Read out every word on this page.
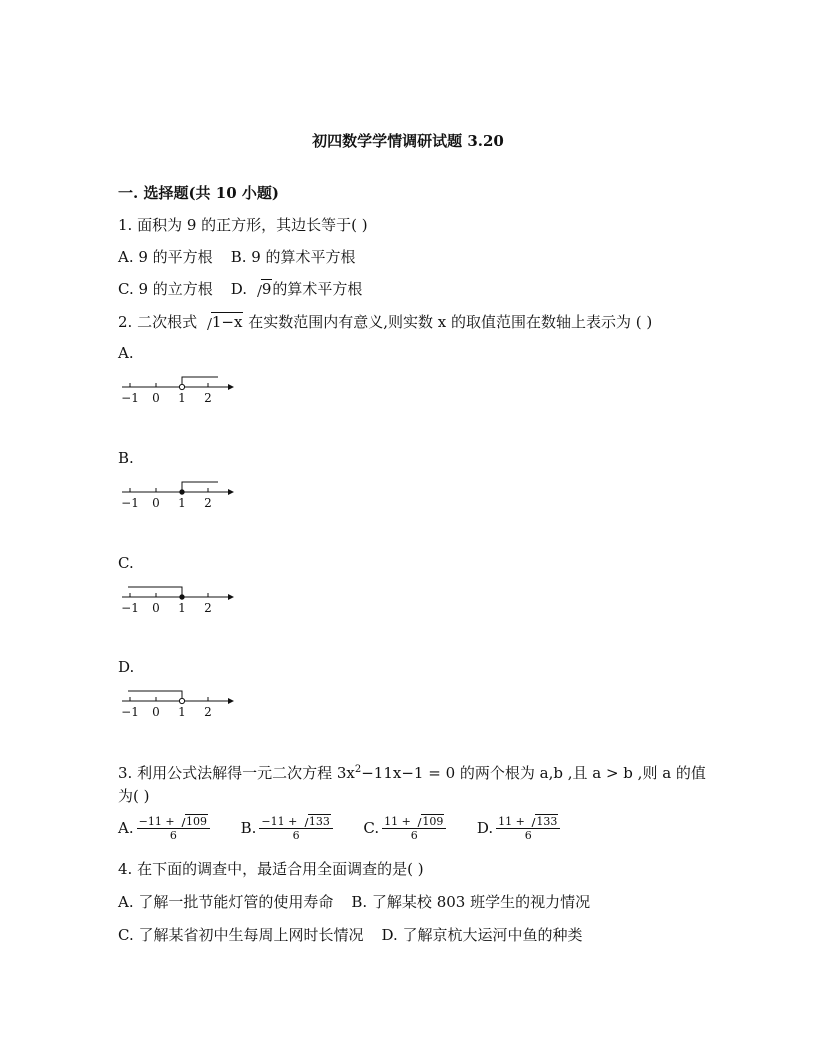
初四数学学情调研试题 3.20
一. 选择题(共 10 小题)
1. 面积为 9 的正方形，其边长等于( )
A. 9 的平方根 B. 9 的算术平方根
C. 9 的立方根 D. 9的算术平方根
2. 二次根式 1−x 在实数范围内有意义,则实数 x 的取值范围在数轴上表示为 ( )
A.
−1 0 1 2
B.
−1 0 1 2
C.
−1 0 1 2
D.
−1 0 1 2
3. 利用公式法解得一元二次方程 $3x^2-11x-1 = 0$ 的两个根为 a,b ,且 a > b ,则 a 的值
为( )
A. $\frac{-11 + 109}{6} B$. $\frac{-11 + 133}{6} C$. $\frac{11 + 109}{6} D$. $\frac{11 + 133}{6}$
4. 在下面的调查中，最适合用全面调查的是( )
A. 了解一批节能灯管的使用寿命 B. 了解某校 803 班学生的视力情况
C. 了解某省初中生每周上网时长情况 D. 了解京杭大运河中鱼的种类
